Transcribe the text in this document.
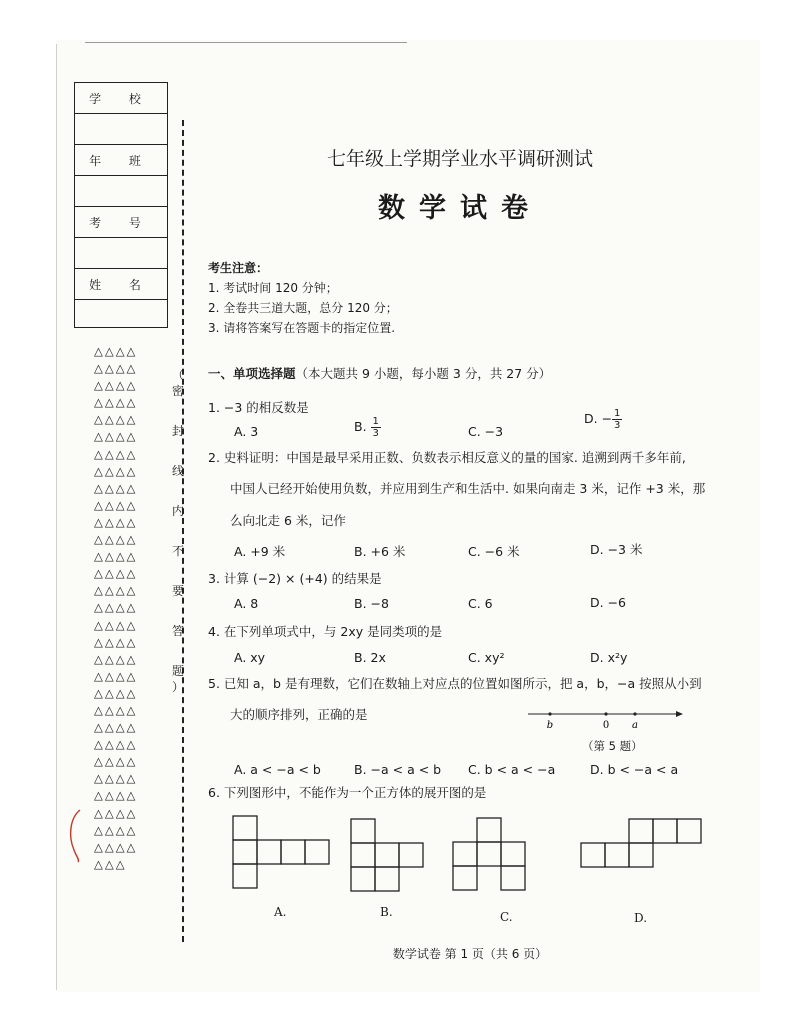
学 校
年 班
考 号
姓 名
△△△△
△△△△
△△△△
△△△△
△△△△
△△△△
△△△△
△△△△
△△△△
△△△△
△△△△
△△△△
△△△△
△△△△
△△△△
△△△△
△△△△
△△△△
△△△△
△△△△
△△△△
△△△△
△△△△
△△△△
△△△△
△△△△
△△△△
△△△△
△△△△
△△△△
△△△
（
密
封
线
内
不
要
答
题
）
七年级上学期学业水平调研测试
数学试卷
考生注意：
1. 考试时间 120 分钟；
2. 全卷共三道大题，总分 120 分；
3. 请将答案写在答题卡的指定位置.
一、单项选择题（本大题共 9 小题，每小题 3 分，共 27 分）
1. −3 的相反数是
A. 3	B. $\frac{1}{3}$	C. −3
D. − $\frac{1}{3}$
2. 史料证明：中国是最早采用正数、负数表示相反意义的量的国家. 追溯到两千多年前,
中国人已经开始使用负数，并应用到生产和生活中. 如果向南走 3 米，记作 +3 米，那
么向北走 6 米，记作
A. +9 米	B. +6 米	C. −6 米	D. −3 米
3. 计算 (−2) × (+4) 的结果是
A. 8	B. −8	C. 6	D. −6
4. 在下列单项式中，与 2xy 是同类项的是
A. xy	B. 2x	C. xy²	D. x²y
5. 已知 a，b 是有理数，它们在数轴上对应点的位置如图所示，把 a，b，−a 按照从小到
大的顺序排列，正确的是
b	0 a
（第 5 题）
A. a < −a < b	B. −a < a < b C. b < a < −a	D. b < −a < a
6. 下列图形中，不能作为一个正方体的展开图的是
A.	B.	C.	D.
数学试卷 第 1 页（共 6 页）
